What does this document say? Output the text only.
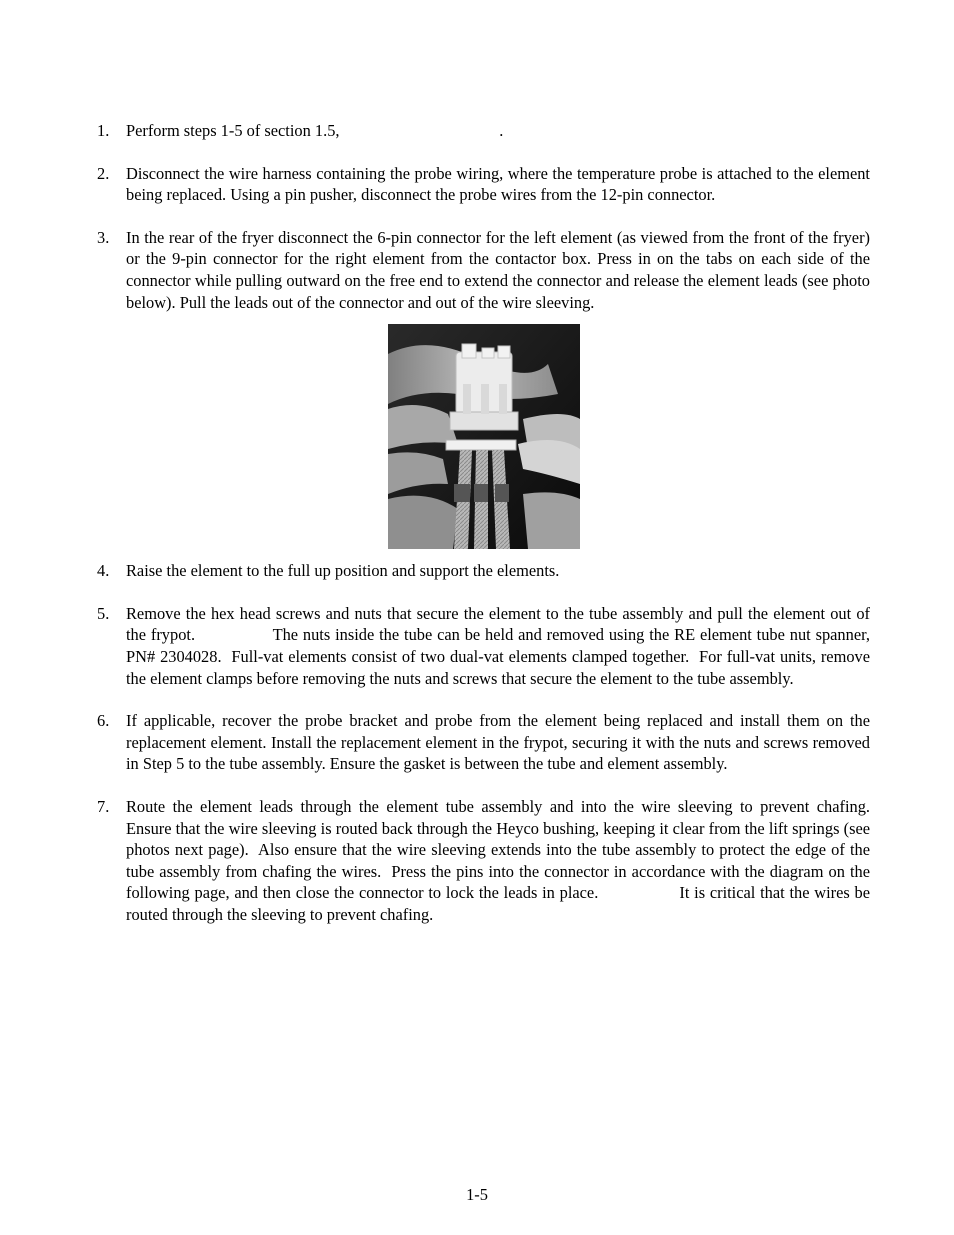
1. Perform steps 1-5 of section 1.5,                                       .
2. Disconnect the wire harness containing the probe wiring, where the temperature probe is attached to the element being replaced. Using a pin pusher, disconnect the probe wires from the 12-pin connector.
3. In the rear of the fryer disconnect the 6-pin connector for the left element (as viewed from the front of the fryer) or the 9-pin connector for the right element from the contactor box. Press in on the tabs on each side of the connector while pulling outward on the free end to extend the connector and release the element leads (see photo below). Pull the leads out of the connector and out of the wire sleeving.
4. Raise the element to the full up position and support the elements.
5. Remove the hex head screws and nuts that secure the element to the tube assembly and pull the element out of the frypot.                The nuts inside the tube can be held and removed using the RE element tube nut spanner, PN# 2304028.  Full-vat elements consist of two dual-vat elements clamped together.  For full-vat units, remove the element clamps before removing the nuts and screws that secure the element to the tube assembly.
6. If applicable, recover the probe bracket and probe from the element being replaced and install them on the replacement element. Install the replacement element in the frypot, securing it with the nuts and screws removed in Step 5 to the tube assembly. Ensure the gasket is between the tube and element assembly.
7. Route the element leads through the element tube assembly and into the wire sleeving to prevent chafing.  Ensure that the wire sleeving is routed back through the Heyco bushing, keeping it clear from the lift springs (see photos next page).  Also ensure that the wire sleeving extends into the tube assembly to protect the edge of the tube assembly from chafing the wires.  Press the pins into the connector in accordance with the diagram on the following page, and then close the connector to lock the leads in place.                 It is critical that the wires be routed through the sleeving to prevent chafing.
1-5
